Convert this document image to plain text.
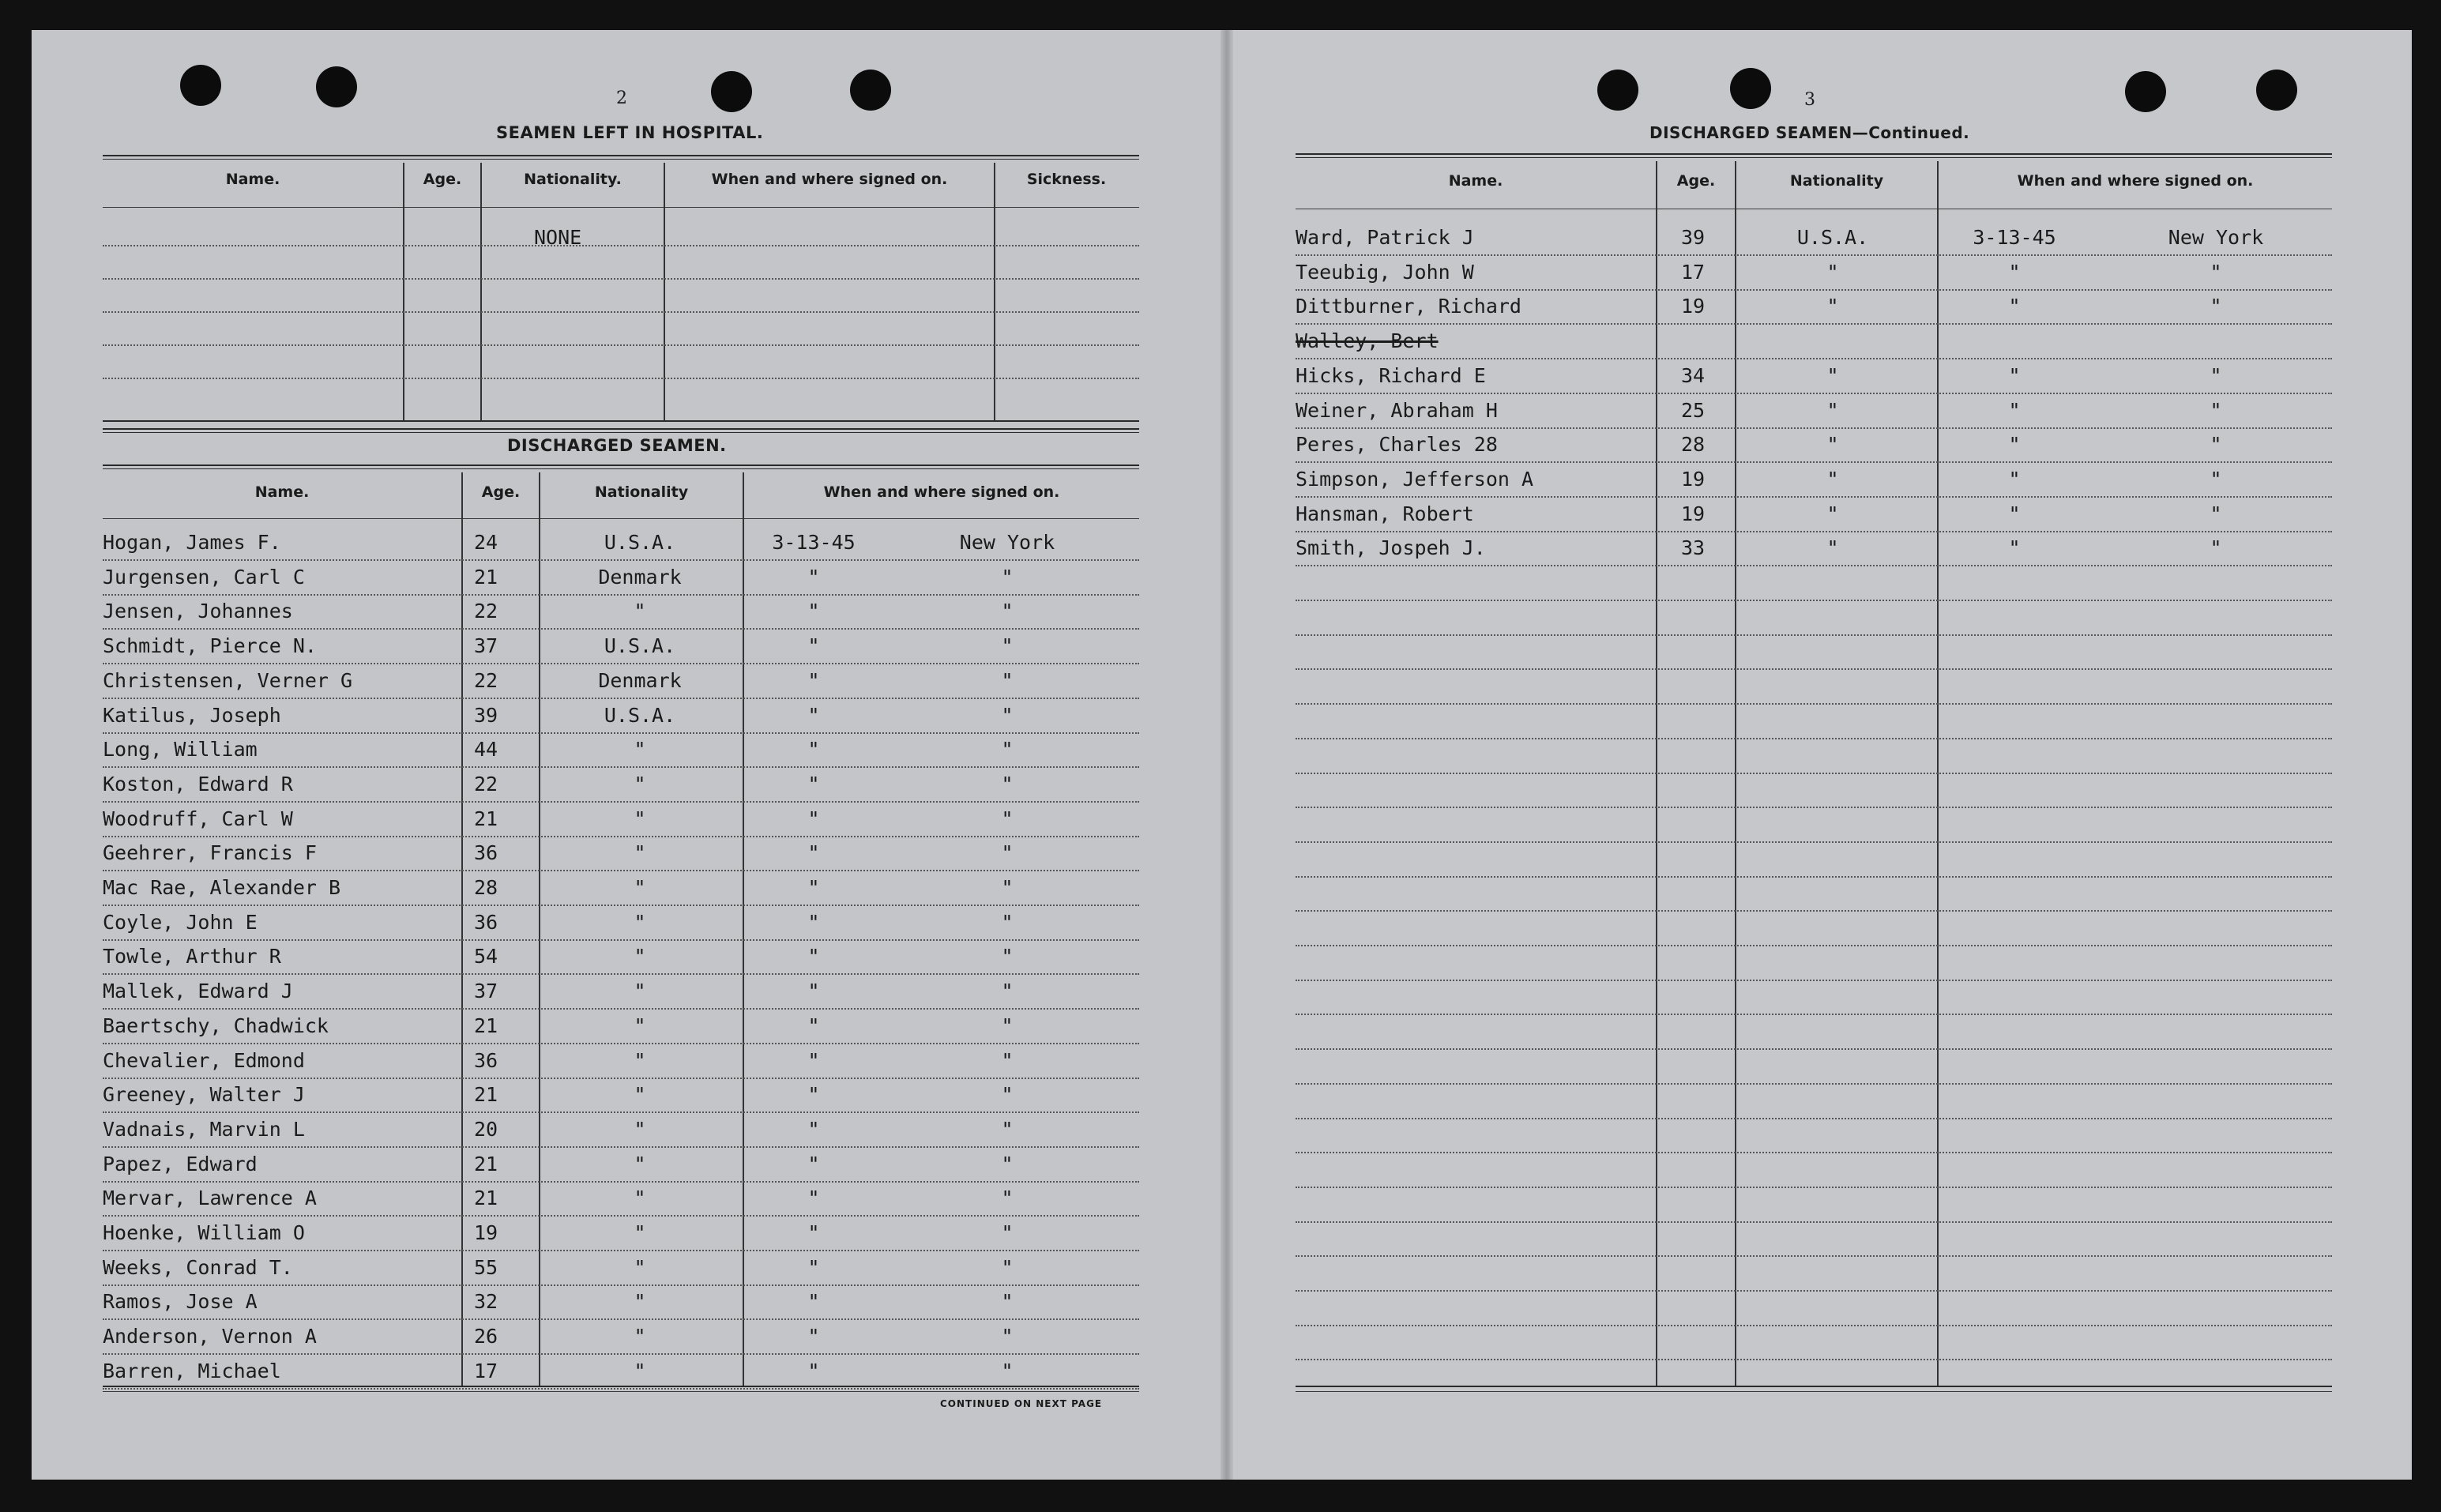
2
SEAMEN LEFT IN HOSPITAL.
Name.	Age.	Nationality.	When and where signed on.	Sickness.
NONE
DISCHARGED SEAMEN.
Name.	Age.	Nationality	When and where signed on.
Hogan, James F.	24	U.S.A.	3-13-45	New York
Jurgensen, Carl C	21	Denmark	"	"
Jensen, Johannes	22	"	"	"
Schmidt, Pierce N.	37	U.S.A.	"	"
Christensen, Verner G	22	Denmark	"	"
Katilus, Joseph	39	U.S.A.	"	"
Long, William	44	"	"	"
Koston, Edward R	22	"	"	"
Woodruff, Carl W	21	"	"	"
Geehrer, Francis F	36	"	"	"
Mac Rae, Alexander B	28	"	"	"
Coyle, John E	36	"	"	"
Towle, Arthur R	54	"	"	"
Mallek, Edward J	37	"	"	"
Baertschy, Chadwick	21	"	"	"
Chevalier, Edmond	36	"	"	"
Greeney, Walter J	21	"	"	"
Vadnais, Marvin L	20	"	"	"
Papez, Edward	21	"	"	"
Mervar, Lawrence A	21	"	"	"
Hoenke, William O	19	"	"	"
Weeks, Conrad T.	55	"	"	"
Ramos, Jose A	32	"	"	"
Anderson, Vernon A	26	"	"	"
Barren, Michael	17	"	"	"
CONTINUED ON NEXT PAGE
3
DISCHARGED SEAMEN—Continued.
Name.	Age.	Nationality	When and where signed on.
Ward, Patrick J	39	U.S.A.	3-13-45	New York
Teeubig, John W	17	"	"	"
Dittburner, Richard	19	"	"	"
Walley, Bert
Hicks, Richard E	34	"	"	"
Weiner, Abraham H	25	"	"	"
Peres, Charles 28	28	"	"	"
Simpson, Jefferson A	19	"	"	"
Hansman, Robert	19	"	"	"
Smith, Jospeh J.	33	"	"	"
